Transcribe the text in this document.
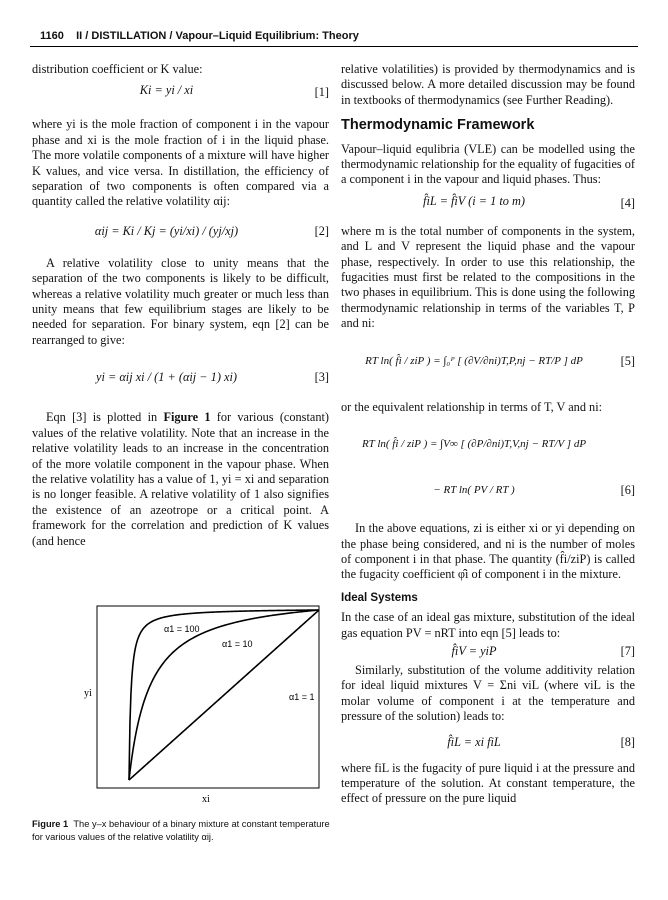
1160 II / DISTILLATION / Vapour–Liquid Equilibrium: Theory

distribution coefficient or K value:

Ki = yi / xi	[1]

where yi is the mole fraction of component i in the vapour phase and xi is the mole fraction of i in the liquid phase. The more volatile components of a mixture will have higher K values, and vice versa. In distillation, the efficiency of separation of two components is often compared via a quantity called the relative volatility αij:

αij = Ki / Kj = (yi/xi) / (yj/xj)	[2]

A relative volatility close to unity means that the separation of the two components is likely to be difficult, whereas a relative volatility much greater or much less than unity means that few equilibrium stages are likely to be needed for separation. For binary system, eqn [2] can be rearranged to give:

yi = αij xi / (1 + (αij − 1) xi)	[3]

Eqn [3] is plotted in Figure 1 for various (constant) values of the relative volatility. Note that an increase in the relative volatility leads to an increase in the concentration of the more volatile component in the vapour phase. When the relative volatility has a value of 1, yi = xi and separation is no longer feasible. A relative volatility of 1 also signifies the existence of an azeotrope or a critical point. A framework for the correlation and prediction of K values (and hence

α1 = 100
α1 = 10
α1 = 1
yi
xi
Figure 1 The y–x behaviour of a binary mixture at constant temperature for various values of the relative volatility αij.

relative volatilities) is provided by thermodynamics and is discussed below. A more detailed discussion may be found in textbooks of thermodynamics (see Further Reading).

Thermodynamic Framework

Vapour–liquid equlibria (VLE) can be modelled using the thermodynamic relationship for the equality of fugacities of a component i in the vapour and liquid phases. Thus:

f̂iL = f̂iV (i = 1 to m)	[4]

where m is the total number of components in the system, and L and V represent the liquid phase and the vapour phase, respectively. In order to use this relationship, the fugacities must first be related to the compositions in the two phases in equilibrium. This is done using the following thermodynamic relationship in terms of the variables T, P and ni:

RT ln( f̂i / ziP ) = ∫₀ᴾ [ (∂V/∂ni)T,P,nj − RT/P ] dP	[5]

or the equivalent relationship in terms of T, V and ni:

RT ln( f̂i / ziP ) = ∫V∞ [ (∂P/∂ni)T,V,nj − RT/V ] dP
− RT ln( PV / RT )	[6]

In the above equations, zi is either xi or yi depending on the phase being considered, and ni is the number of moles of component i in that phase. The quantity (f̂i/ziP) is called the fugacity coefficient φ̂i of component i in the mixture.

Ideal Systems

In the case of an ideal gas mixture, substitution of the ideal gas equation PV = nRT into eqn [5] leads to:

f̂iV = yiP	[7]

Similarly, substitution of the volume additivity relation for ideal liquid mixtures V = Σni viL (where viL is the molar volume of component i at the temperature and pressure of the solution) leads to:

f̂iL = xi fiL	[8]

where fiL is the fugacity of pure liquid i at the pressure and temperature of the solution. At constant temperature, the effect of pressure on the pure liquid
